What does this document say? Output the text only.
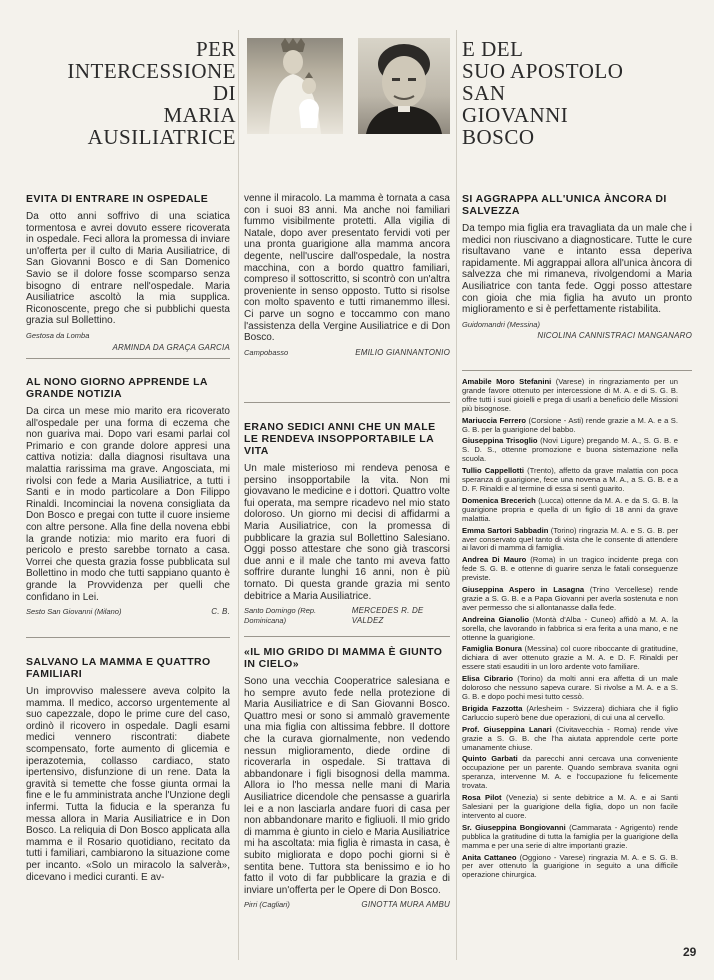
PER
INTERCESSIONE
DI
MARIA
AUSILIATRICE
E DEL
SUO APOSTOLO
SAN
GIOVANNI
BOSCO
EVITA DI ENTRARE IN OSPEDALE

Da otto anni soffrivo di una sciatica tormentosa e avrei dovuto essere ricoverata in ospedale. Feci allora la promessa di inviare un'offerta per il culto di Maria Ausiliatrice, di San Giovanni Bosco e di San Domenico Savio se il dolore fosse scomparso senza bisogno di entrare nell'ospedale. Maria Ausiliatrice ascoltò la mia supplica. Riconoscente, prego che si pubblichi questa grazia sul Bollettino.

Gestosa da Lomba
ARMINDA DA GRAÇA GARCIA
AL NONO GIORNO APPRENDE LA GRANDE NOTIZIA

Da circa un mese mio marito era ricoverato all'ospedale per una forma di eczema che non guariva mai. Dopo vari esami parlai col Primario e con grande dolore appresi una cattiva notizia: dalla diagnosi risultava una malattia rarissima ma grave. Angosciata, mi rivolsi con fede a Maria Ausiliatrice, a tutti i Santi e in modo particolare a Don Filippo Rinaldi. Incominciai la novena consigliata da Don Bosco e pregai con tutte il cuore insieme con altre persone. Alla fine della novena ebbi la grande notizia: mio marito era fuori di pericolo e presto sarebbe tornato a casa. Vorrei che questa grazia fosse pubblicata sul Bollettino in modo che tutti sappiano quanto è grande la Provvidenza per quelli che confidano in Lei.

Sesto San Giovanni (Milano)	C. B.
SALVANO LA MAMMA E QUATTRO FAMILIARI

Un improvviso malessere aveva colpito la mamma. Il medico, accorso urgentemente al suo capezzale, dopo le prime cure del caso, ordinò il ricovero in ospedale. Dagli esami medici vennero riscontrati: diabete scompensato, forte aumento di glicemia e iperazotemia, collasso cardiaco, stato ipertensivo, disfunzione di un rene. Data la gravità si temette che fosse giunta ormai la fine e le fu amministrata anche l'Unzione degli infermi. Tutta la fiducia e la speranza fu messa allora in Maria Ausiliatrice e in Don Bosco. La reliquia di Don Bosco applicata alla mamma e il Rosario quotidiano, recitato da tutti i familiari, cambiarono la situazione come per incanto. «Solo un miracolo la salverà», dicevano i medici curanti. E av-

venne il miracolo. La mamma è tornata a casa con i suoi 83 anni. Ma anche noi familiari fummo visibilmente protetti. Alla vigilia di Natale, dopo aver presentato fervidi voti per una pronta guarigione alla mamma ancora degente, nell'uscire dall'ospedale, la nostra macchina, con a bordo quattro familiari, compreso il sottoscritto, si scontrò con un'altra proveniente in senso opposto. Tutto si risolse con molto spavento e tutti rimanemmo illesi. Ci parve un sogno e toccammo con mano l'assistenza della Vergine Ausiliatrice e di Don Bosco.

Campobasso	EMILIO GIANNANTONIO
ERANO SEDICI ANNI CHE UN MALE LE RENDEVA INSOPPORTABILE LA VITA

Un male misterioso mi rendeva penosa e persino insopportabile la vita. Non mi giovavano le medicine e i dottori. Quattro volte fui operata, ma sempre ricadevo nel mio stato doloroso. Un giorno mi decisi di affidarmi a Maria Ausiliatrice, con la promessa di pubblicare la grazia sul Bollettino Salesiano. Oggi posso attestare che sono già trascorsi due anni e il male che tanto mi aveva fatto soffrire durante lunghi 16 anni, non è più tornato. Di questa grande grazia mi sento debitrice a Maria Ausiliatrice.

Santo Domingo (Rep. Dominicana)
MERCEDES R. DE VALDEZ
«IL MIO GRIDO DI MAMMA È GIUNTO IN CIELO»

Sono una vecchia Cooperatrice salesiana e ho sempre avuto fede nella protezione di Maria Ausiliatrice e di San Giovanni Bosco. Quattro mesi or sono si ammalò gravemente una mia figlia con altissima febbre. Il dottore che la curava giornalmente, non vedendo nessun miglioramento, diede ordine di ricoverarla in ospedale. Si trattava di abbandonare i figli bisognosi della mamma. Allora io l'ho messa nelle mani di Maria Ausiliatrice dicendole che pensasse a guarirla lei e a non lasciarla andare fuori di casa per non abbandonare marito e figliuoli. Il mio grido di mamma è giunto in cielo e Maria Ausiliatrice mi ha ascoltata: mia figlia è rimasta in casa, è subito migliorata e dopo pochi giorni si è sentita bene. Tuttora sta benissimo e io ho fatto il voto di far pubblicare la grazia e di inviare un'offerta per le Opere di Don Bosco.

Pirri (Cagliari)	GINOTTA MURA AMBU
SI AGGRAPPA ALL'UNICA ÀNCORA DI SALVEZZA

Da tempo mia figlia era travagliata da un male che i medici non riuscivano a diagnosticare. Tutte le cure risultavano vane e intanto essa deperiva rapidamente. Mi aggrappai allora all'unica àncora di salvezza che mi rimaneva, rivolgendomi a Maria Ausiliatrice con tanta fede. Oggi posso attestare con gioia che mia figlia ha avuto un pronto miglioramento e si è perfettamente ristabilita.

Guidomandri (Messina)
NICOLINA CANNISTRACI MANGANARO

Amabile Moro Stefanini (Varese) in ringraziamento per un grande favore ottenuto per intercessione di M. A. e di S. G. B. offre tutti i suoi gioielli e prega di usarli a beneficio delle Missioni più bisognose.

Mariuccia Ferrero (Corsione - Asti) rende grazie a M. A. e a S. G. B. per la guarigione del babbo.

Giuseppina Trisoglio (Novi Ligure) pregando M. A., S. G. B. e S. D. S., ottenne promozione e buona sistemazione nella scuola.

Tullio Cappellotti (Trento), affetto da grave malattia con poca speranza di guarigione, fece una novena a M. A., a S. G. B. e a D. F. Rinaldi e al termine di essa si sentì guarito.

Domenica Brecerich (Lucca) ottenne da M. A. e da S. G. B. la guarigione propria e quella di un figlio di 18 anni da grave malattia.

Emma Sartori Sabbadin (Torino) ringrazia M. A. e S. G. B. per aver conservato quel tanto di vista che le consente di attendere ai lavori di mamma di famiglia.

Andrea Di Mauro (Roma) in un tragico incidente prega con fede S. G. B. e ottenne di guarire senza le fatali conseguenze previste.

Giuseppina Aspero in Lasagna (Trino Vercellese) rende grazie a S. G. B. e a Papa Giovanni per averla sostenuta e non aver permesso che si allontanasse dalla fede.

Andreina Gianolio (Montà d'Alba - Cuneo) affidò a M. A. la sorella, che lavorando in fabbrica si era ferita a una mano, e ne ottenne la guarigione.

Famiglia Bonura (Messina) col cuore riboccante di gratitudine, dichiara di aver ottenuto grazie a M. A. e D. F. Rinaldi per essere stati esauditi in un loro ardente voto familiare.

Elisa Cibrario (Torino) da molti anni era affetta di un male doloroso che nessuno sapeva curare. Si rivolse a M. A. e a S. G. B. e dopo pochi mesi tutto cessò.

Brigida Fazzotta (Arlesheim - Svizzera) dichiara che il figlio Carluccio superò bene due operazioni, di cui una al cervello.

Prof. Giuseppina Lanari (Civitavecchia - Roma) rende vive grazie a S. G. B. che l'ha aiutata apprendole certe porte umanamente chiuse.

Quinto Garbati da parecchi anni cercava una conveniente occupazione per un parente. Quando sembrava svanita ogni speranza, intervenne M. A. e l'occupazione fu felicemente trovata.

Rosa Pilot (Venezia) si sente debitrice a M. A. e ai Santi Salesiani per la guarigione della figlia, dopo un non facile intervento al cuore.

Sr. Giuseppina Bongiovanni (Cammarata - Agrigento) rende pubblica la gratitudine di tutta la famiglia per la guarigione della mamma e per una serie di altre importanti grazie.

Anita Cattaneo (Oggiono - Varese) ringrazia M. A. e S. G. B. per aver ottenuto la guarigione in seguito a una difficile operazione chirurgica.

29
